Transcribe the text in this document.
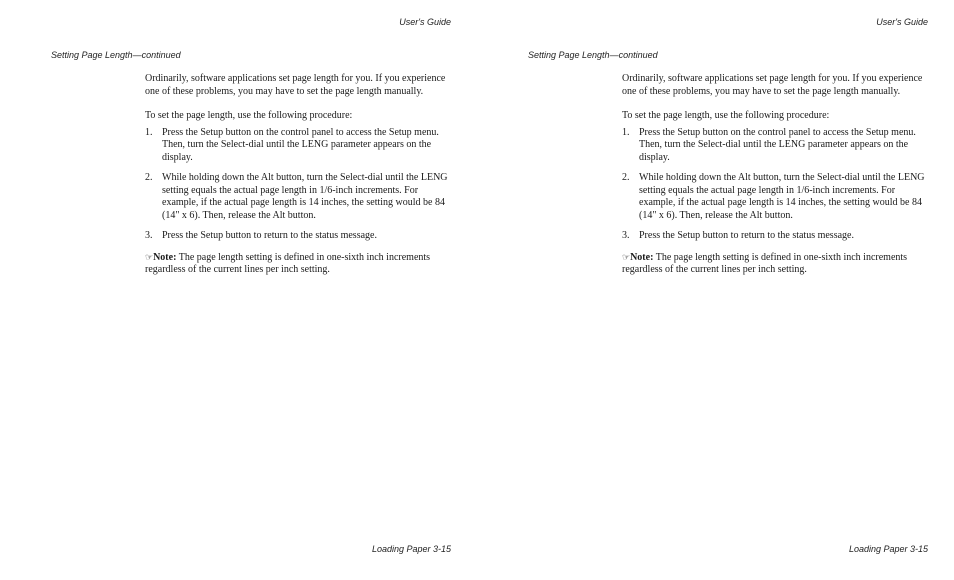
User's Guide
Setting Page Length—continued

Ordinarily, software applications set page length for you. If you experience one of these problems, you may have to set the page length manually.

To set the page length, use the following procedure:

1. Press the Setup button on the control panel to access the Setup menu. Then, turn the Select-dial until the LENG parameter appears on the display.
2. While holding down the Alt button, turn the Select-dial until the LENG setting equals the actual page length in 1/6-inch increments. For example, if the actual page length is 14 inches, the setting would be 84 (14" x 6). Then, release the Alt button.
3. Press the Setup button to return to the status message.

☞Note: The page length setting is defined in one-sixth inch increments regardless of the current lines per inch setting.

Loading Paper 3-15
User's Guide
Setting Page Length—continued

Ordinarily, software applications set page length for you. If you experience one of these problems, you may have to set the page length manually.

To set the page length, use the following procedure:

1. Press the Setup button on the control panel to access the Setup menu. Then, turn the Select-dial until the LENG parameter appears on the display.
2. While holding down the Alt button, turn the Select-dial until the LENG setting equals the actual page length in 1/6-inch increments. For example, if the actual page length is 14 inches, the setting would be 84 (14" x 6). Then, release the Alt button.
3. Press the Setup button to return to the status message.

☞Note: The page length setting is defined in one-sixth inch increments regardless of the current lines per inch setting.

Loading Paper 3-15
